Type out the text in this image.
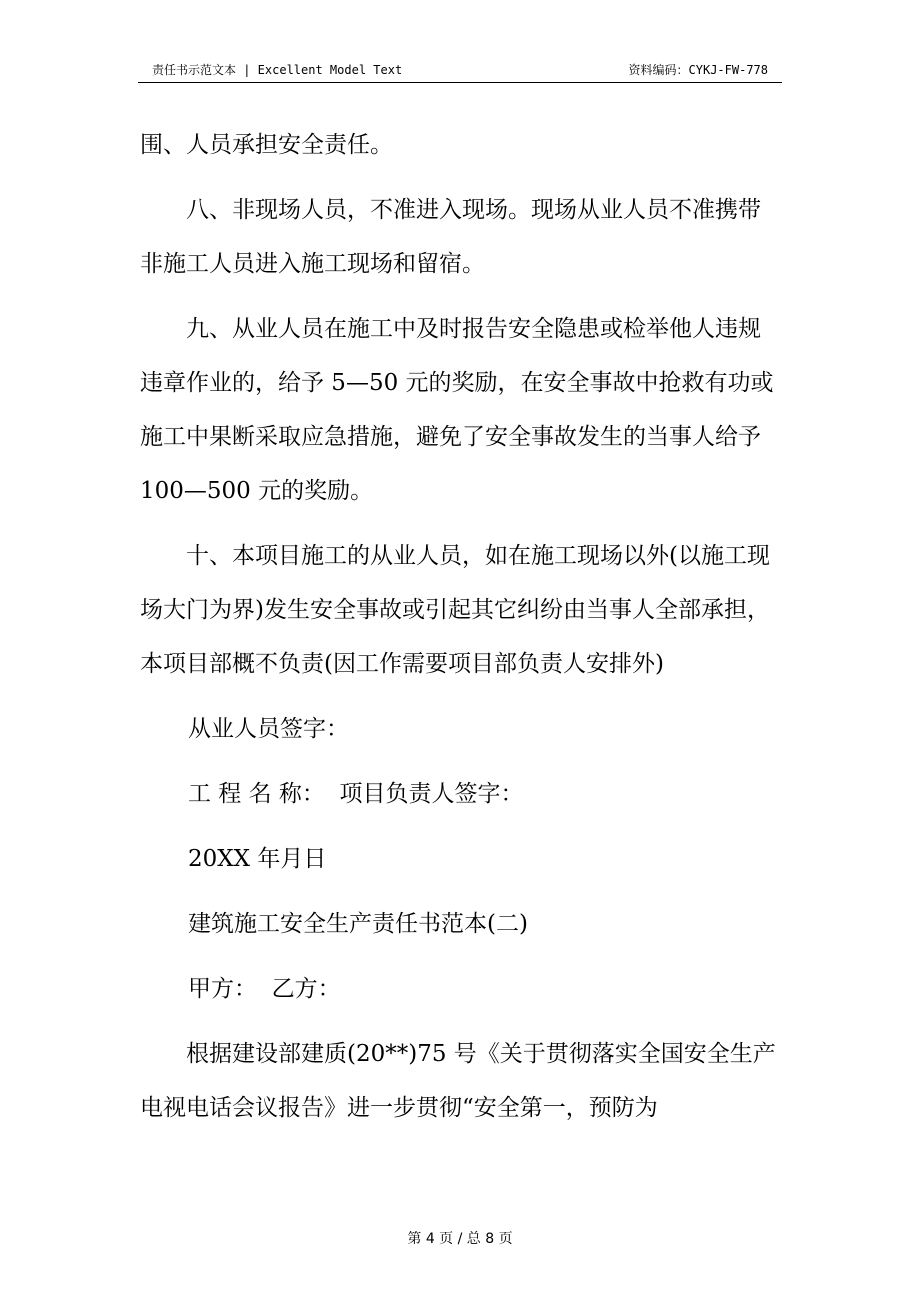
责任书示范文本 | Excellent Model Text	资料编码：CYKJ-FW-778

围、人员承担安全责任。

八、非现场人员，不准进入现场。现场从业人员不准携带非施工人员进入施工现场和留宿。

九、从业人员在施工中及时报告安全隐患或检举他人违规违章作业的，给予 5—50 元的奖励，在安全事故中抢救有功或施工中果断采取应急措施，避免了安全事故发生的当事人给予 100—500 元的奖励。

十、本项目施工的从业人员，如在施工现场以外(以施工现场大门为界)发生安全事故或引起其它纠纷由当事人全部承担，本项目部概不负责(因工作需要项目部负责人安排外)

从业人员签字：

工 程 名 称：  项目负责人签字：

20XX 年月日

建筑施工安全生产责任书范本(二)

甲方：  乙方：

根据建设部建质(20**)75 号《关于贯彻落实全国安全生产电视电话会议报告》进一步贯彻“安全第一，预防为

第 4 页 / 总 8 页
